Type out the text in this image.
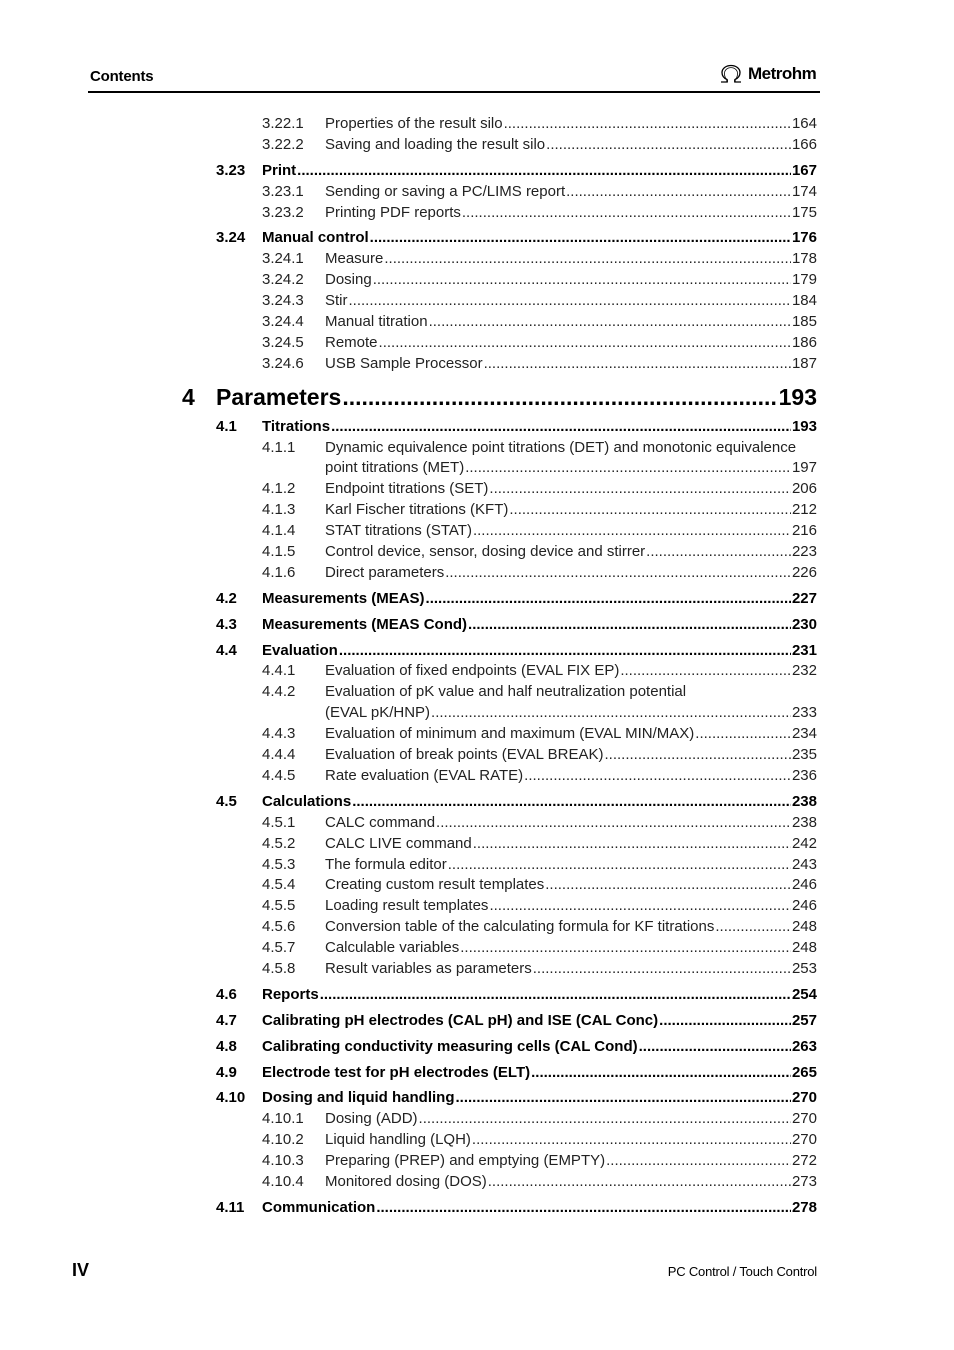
Contents	Metrohm
3.22.1 Properties of the result silo .....	164
3.22.2 Saving and loading the result silo .....	166
3.23 Print .....	167
3.23.1 Sending or saving a PC/LIMS report .....	174
3.23.2 Printing PDF reports .....	175
3.24 Manual control .....	176
3.24.1 Measure .....	178
3.24.2 Dosing .....	179
3.24.3 Stir .....	184
3.24.4 Manual titration .....	185
3.24.5 Remote .....	186
3.24.6 USB Sample Processor .....	187
4 Parameters .....	193
4.1 Titrations .....	193
4.1.1 Dynamic equivalence point titrations (DET) and monotonic equivalence
point titrations (MET) .....	197
4.1.2 Endpoint titrations (SET) .....	206
4.1.3 Karl Fischer titrations (KFT) .....	212
4.1.4 STAT titrations (STAT) .....	216
4.1.5 Control device, sensor, dosing device and stirrer .....	223
4.1.6 Direct parameters .....	226
4.2 Measurements (MEAS) .....	227
4.3 Measurements (MEAS Cond) .....	230
4.4 Evaluation .....	231
4.4.1 Evaluation of fixed endpoints (EVAL FIX EP) .....	232
4.4.2 Evaluation of pK value and half neutralization potential
(EVAL pK/HNP) .....	233
4.4.3 Evaluation of minimum and maximum (EVAL MIN/MAX) .....	234
4.4.4 Evaluation of break points (EVAL BREAK) .....	235
4.4.5 Rate evaluation (EVAL RATE) .....	236
4.5 Calculations .....	238
4.5.1 CALC command .....	238
4.5.2 CALC LIVE command .....	242
4.5.3 The formula editor .....	243
4.5.4 Creating custom result templates .....	246
4.5.5 Loading result templates .....	246
4.5.6 Conversion table of the calculating formula for KF titrations .....	248
4.5.7 Calculable variables .....	248
4.5.8 Result variables as parameters .....	253
4.6 Reports .....	254
4.7 Calibrating pH electrodes (CAL pH) and ISE (CAL Conc) .....	257
4.8 Calibrating conductivity measuring cells (CAL Cond) .....	263
4.9 Electrode test for pH electrodes (ELT) .....	265
4.10 Dosing and liquid handling .....	270
4.10.1 Dosing (ADD) .....	270
4.10.2 Liquid handling (LQH) .....	270
4.10.3 Preparing (PREP) and emptying (EMPTY) .....	272
4.10.4 Monitored dosing (DOS) .....	273
4.11 Communication .....	278
IV	PC Control / Touch Control
